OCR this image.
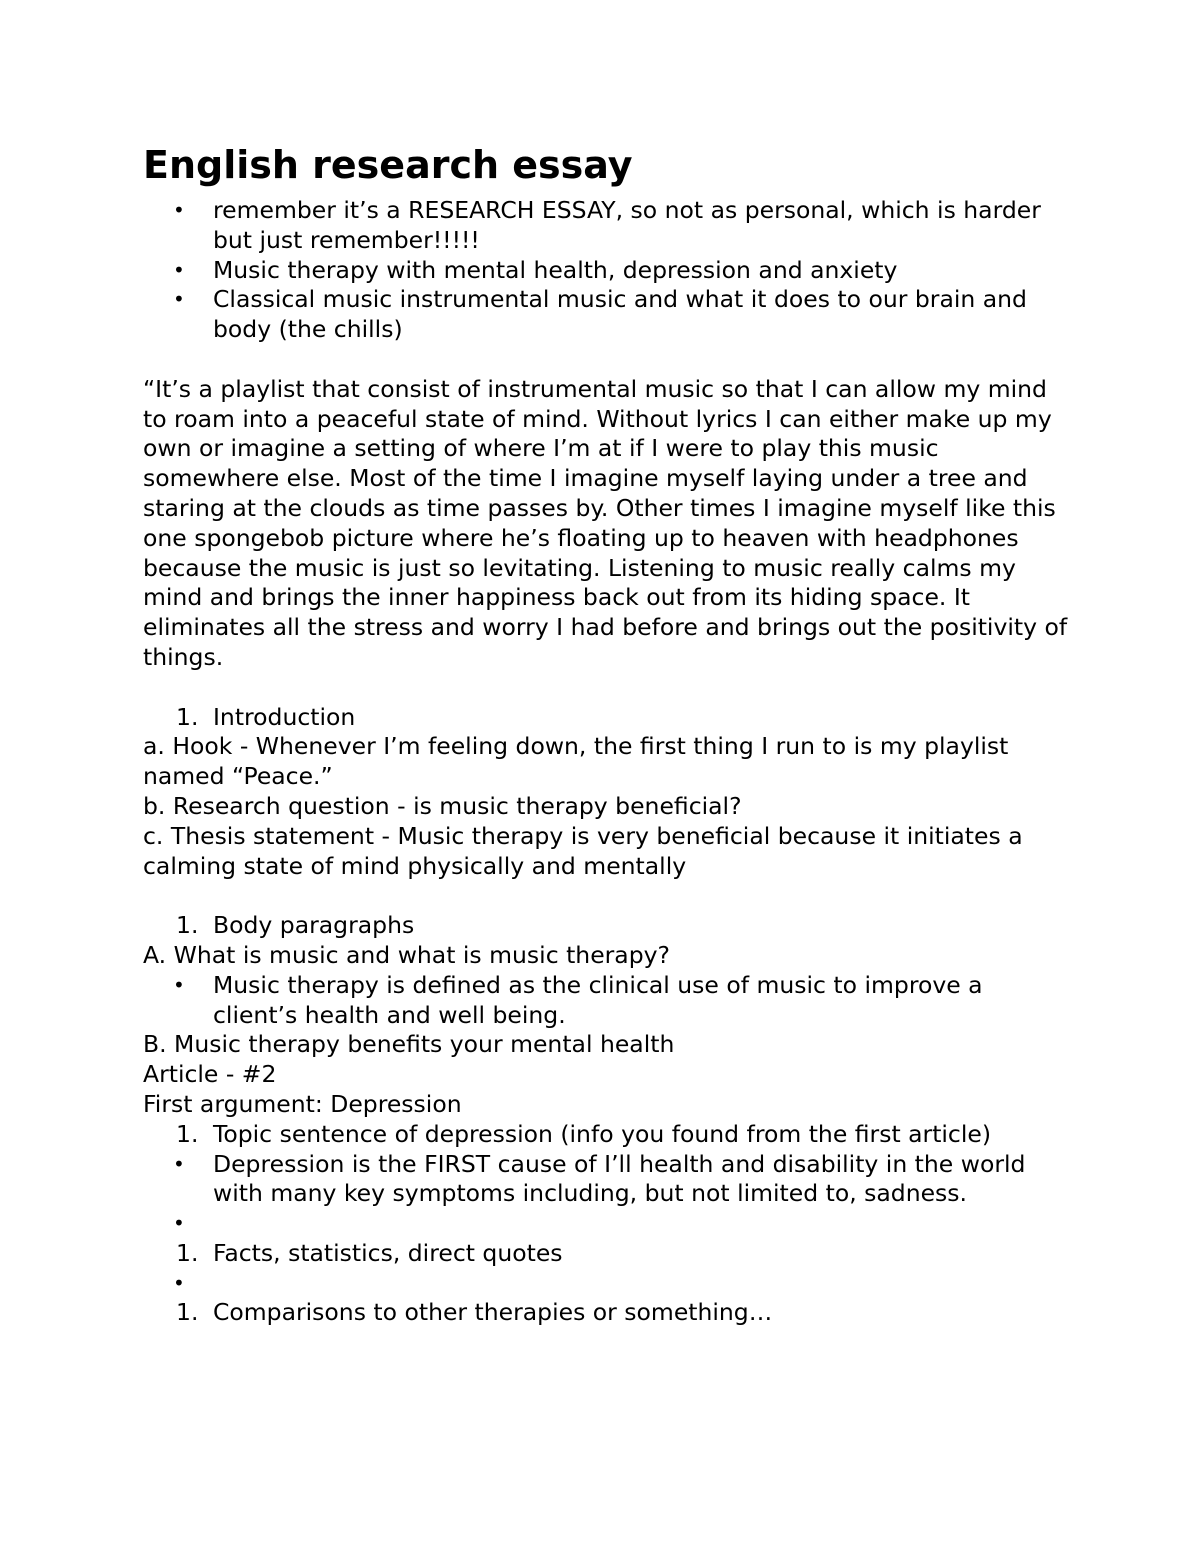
English research essay
•	remember it’s a RESEARCH ESSAY, so not as personal, which is harder but just remember!!!!!
•	Music therapy with mental health, depression and anxiety
•	Classical music instrumental music and what it does to our brain and body (the chills)

“It’s a playlist that consist of instrumental music so that I can allow my mind to roam into a peaceful state of mind. Without lyrics I can either make up my own or imagine a setting of where I’m at if I were to play this music somewhere else. Most of the time I imagine myself laying under a tree and staring at the clouds as time passes by. Other times I imagine myself like this one spongebob picture where he’s floating up to heaven with headphones because the music is just so levitating. Listening to music really calms my mind and brings the inner happiness back out from its hiding space. It eliminates all the stress and worry I had before and brings out the positivity of things.

1. Introduction

a. Hook - Whenever I’m feeling down, the first thing I run to is my playlist named “Peace.”

b. Research question - is music therapy beneficial?

c. Thesis statement - Music therapy is very beneficial because it initiates a calming state of mind physically and mentally

1. Body paragraphs

A. What is music and what is music therapy?

•	Music therapy is defined as the clinical use of music to improve a client’s health and well being.

B. Music therapy benefits your mental health

Article - #2

First argument: Depression

1. Topic sentence of depression (info you found from the first article)
•	Depression is the FIRST cause of I’ll health and disability in the world with many key symptoms including, but not limited to, sadness.
•

1. Facts, statistics, direct quotes
•

1. Comparisons to other therapies or something…
